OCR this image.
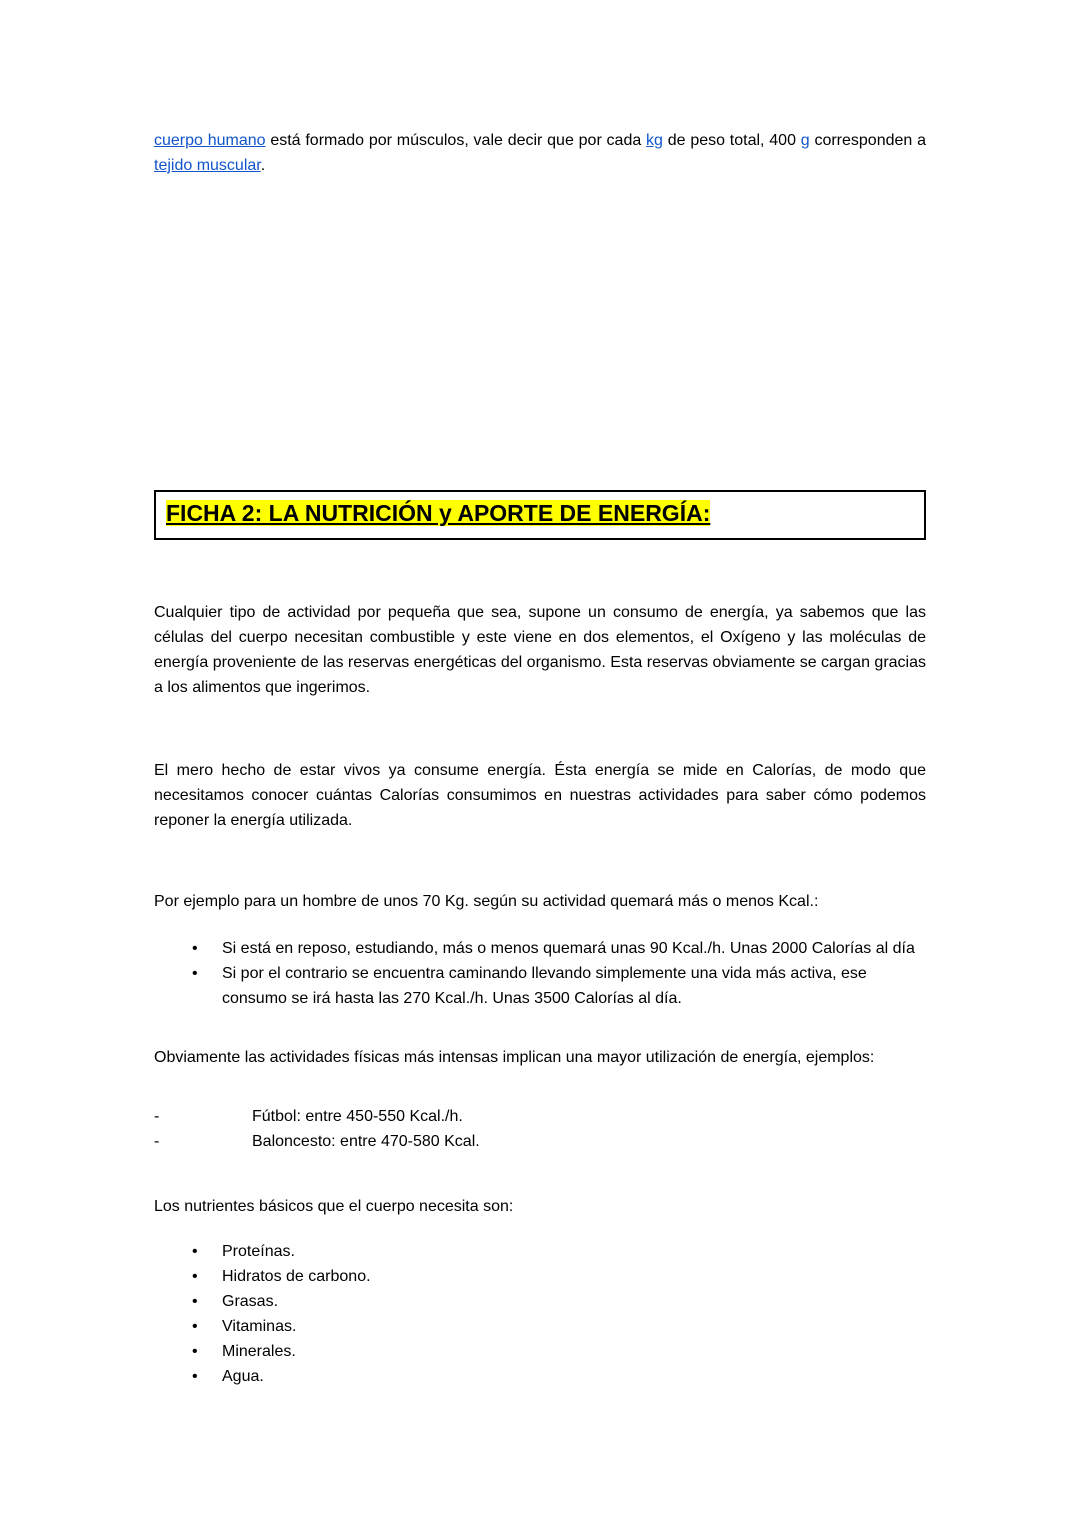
cuerpo humano está formado por músculos, vale decir que por cada kg de peso total, 400 g corresponden a tejido muscular.

FICHA 2: LA NUTRICIÓN y APORTE DE ENERGÍA:

Cualquier tipo de actividad por pequeña que sea, supone un consumo de energía, ya sabemos que las células del cuerpo necesitan combustible y este viene en dos elementos, el Oxígeno y las moléculas de energía proveniente de las reservas energéticas del organismo. Esta reservas obviamente se cargan gracias a los alimentos que ingerimos.

El mero hecho de estar vivos ya consume energía. Ésta energía se mide en Calorías, de modo que necesitamos conocer cuántas Calorías consumimos en nuestras actividades para saber cómo podemos reponer la energía utilizada.

Por ejemplo para un hombre de unos 70 Kg. según su actividad quemará más o menos Kcal.:

•	Si está en reposo, estudiando, más o menos quemará unas 90 Kcal./h. Unas 2000 Calorías al día
•	Si por el contrario se encuentra caminando llevando simplemente una vida más activa, ese consumo se irá hasta las 270 Kcal./h. Unas 3500 Calorías al día.

Obviamente las actividades físicas más intensas implican una mayor utilización de energía, ejemplos:

-	Fútbol: entre 450-550 Kcal./h.
-	Baloncesto: entre 470-580 Kcal.

Los nutrientes básicos que el cuerpo necesita son:

•	Proteínas.
•	Hidratos de carbono.
•	Grasas.
•	Vitaminas.
•	Minerales.
•	Agua.
